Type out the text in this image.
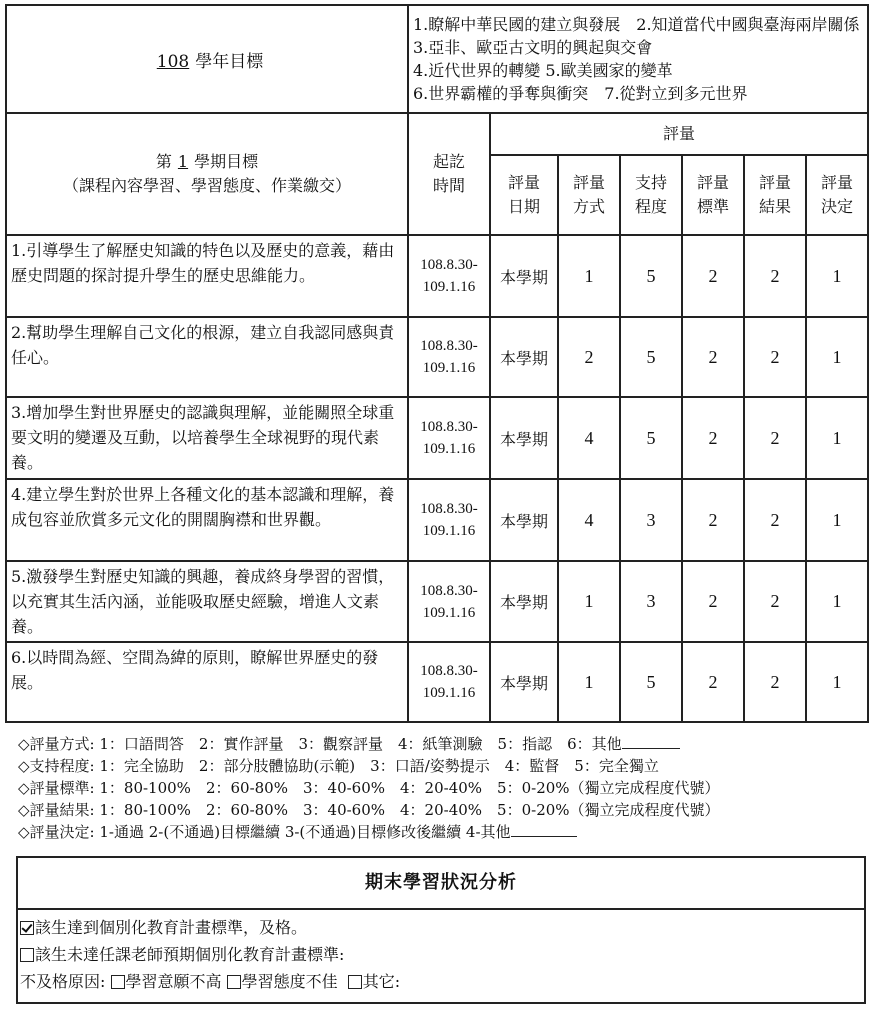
108 學年目標	1.瞭解中華民國的建立與發展　2.知道當代中國與臺海兩岸關係　3.亞非、歐亞古文明的興起與交會
4.近代世界的轉變 5.歐美國家的變革
6.世界霸權的爭奪與衝突　7.從對立到多元世界						

第 1 學期目標
（課程內容學習、學習態度、作業繳交）	起訖時間	評量					

		評量日期	評量方式	支持程度	評量標準	評量結果	評量決定

1.引導學生了解歷史知識的特色以及歷史的意義，藉由歷史問題的探討提升學生的歷史思維能力。	108.8.30-
109.1.16	本學期	1	5	2	2	1
2.幫助學生理解自己文化的根源，建立自我認同感與責任心。	108.8.30-
109.1.16	本學期	2	5	2	2	1
3.增加學生對世界歷史的認識與理解，並能關照全球重要文明的變遷及互動，以培養學生全球視野的現代素養。	108.8.30-
109.1.16	本學期	4	5	2	2	1
4.建立學生對於世界上各種文化的基本認識和理解，養成包容並欣賞多元文化的開闊胸襟和世界觀。	108.8.30-
109.1.16	本學期	4	3	2	2	1
5.激發學生對歷史知識的興趣，養成終身學習的習慣，以充實其生活內涵，並能吸取歷史經驗，增進人文素養。	108.8.30-
109.1.16	本學期	1	3	2	2	1
6.以時間為經、空間為緯的原則，瞭解世界歷史的發展。	108.8.30-
109.1.16	本學期	1	5	2	2	1
◇評量方式: 1：口語問答　2：實作評量　3：觀察評量　4：紙筆測驗　5：指認　6：其他
◇支持程度: 1：完全協助　2：部分肢體協助(示範)　3：口語/姿勢提示　4：監督　5：完全獨立
◇評量標準: 1：80-100%　2：60-80%　3：40-60%　4：20-40%　5：0-20%（獨立完成程度代號）
◇評量結果: 1：80-100%　2：60-80%　3：40-60%　4：20-40%　5：0-20%（獨立完成程度代號）
◇評量決定: 1-通過 2-(不通過)目標繼續 3-(不通過)目標修改後繼續 4-其他
期末學習狀況分析
該生達到個別化教育計畫標準，及格。
該生未達任課老師預期個別化教育計畫標準:
不及格原因: 學習意願不高 學習態度不佳 其它:
